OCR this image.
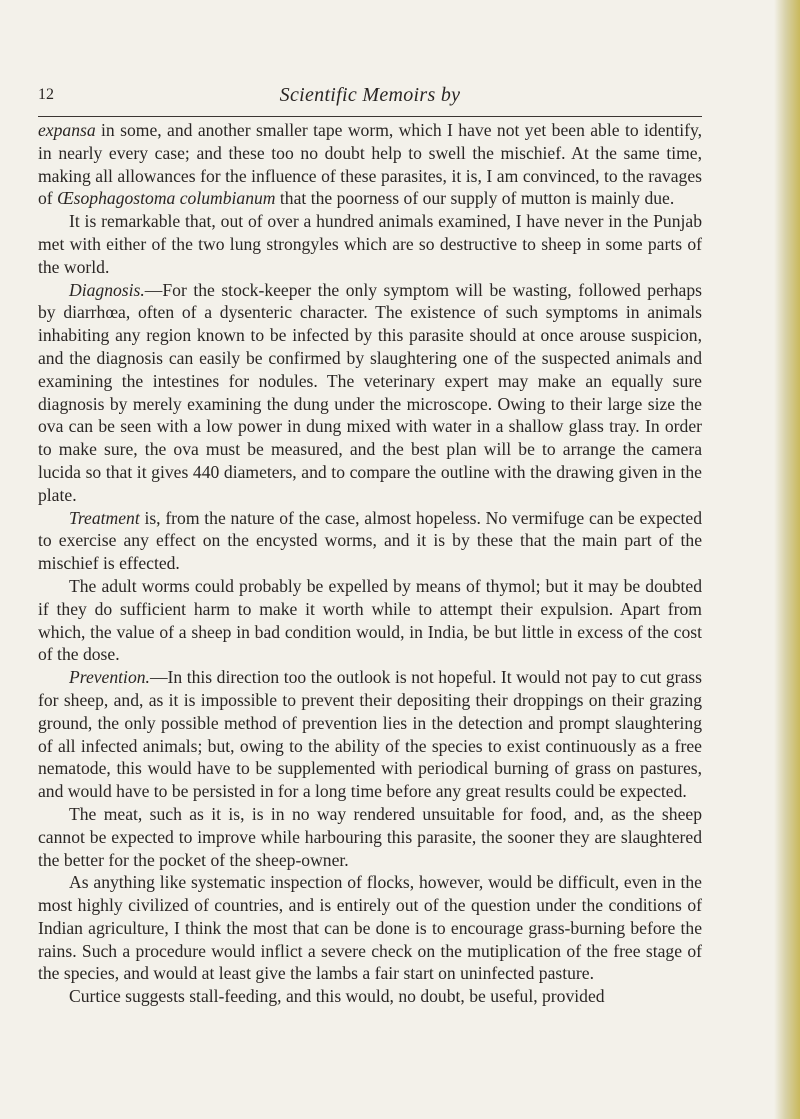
12	Scientific Memoirs by

expansa in some, and another smaller tape worm, which I have not yet been able to identify, in nearly every case; and these too no doubt help to swell the mischief. At the same time, making all allowances for the influence of these parasites, it is, I am convinced, to the ravages of Œsophagostoma columbianum that the poorness of our supply of mutton is mainly due.

It is remarkable that, out of over a hundred animals examined, I have never in the Punjab met with either of the two lung strongyles which are so destructive to sheep in some parts of the world.

Diagnosis.—For the stock-keeper the only symptom will be wasting, followed perhaps by diarrhœa, often of a dysenteric character. The existence of such symptoms in animals inhabiting any region known to be infected by this parasite should at once arouse suspicion, and the diagnosis can easily be confirmed by slaughtering one of the suspected animals and examining the intestines for nodules. The veterinary expert may make an equally sure diagnosis by merely examining the dung under the microscope. Owing to their large size the ova can be seen with a low power in dung mixed with water in a shallow glass tray. In order to make sure, the ova must be measured, and the best plan will be to arrange the camera lucida so that it gives 440 diameters, and to compare the outline with the drawing given in the plate.

Treatment is, from the nature of the case, almost hopeless. No vermifuge can be expected to exercise any effect on the encysted worms, and it is by these that the main part of the mischief is effected.

The adult worms could probably be expelled by means of thymol; but it may be doubted if they do sufficient harm to make it worth while to attempt their expulsion. Apart from which, the value of a sheep in bad condition would, in India, be but little in excess of the cost of the dose.

Prevention.—In this direction too the outlook is not hopeful. It would not pay to cut grass for sheep, and, as it is impossible to prevent their depositing their droppings on their grazing ground, the only possible method of prevention lies in the detection and prompt slaughtering of all infected animals; but, owing to the ability of the species to exist continuously as a free nematode, this would have to be supplemented with periodical burning of grass on pastures, and would have to be persisted in for a long time before any great results could be expected.

The meat, such as it is, is in no way rendered unsuitable for food, and, as the sheep cannot be expected to improve while harbouring this parasite, the sooner they are slaughtered the better for the pocket of the sheep-owner.

As anything like systematic inspection of flocks, however, would be difficult, even in the most highly civilized of countries, and is entirely out of the question under the conditions of Indian agriculture, I think the most that can be done is to encourage grass-burning before the rains. Such a procedure would inflict a severe check on the mutiplication of the free stage of the species, and would at least give the lambs a fair start on uninfected pasture.

Curtice suggests stall-feeding, and this would, no doubt, be useful, provided
